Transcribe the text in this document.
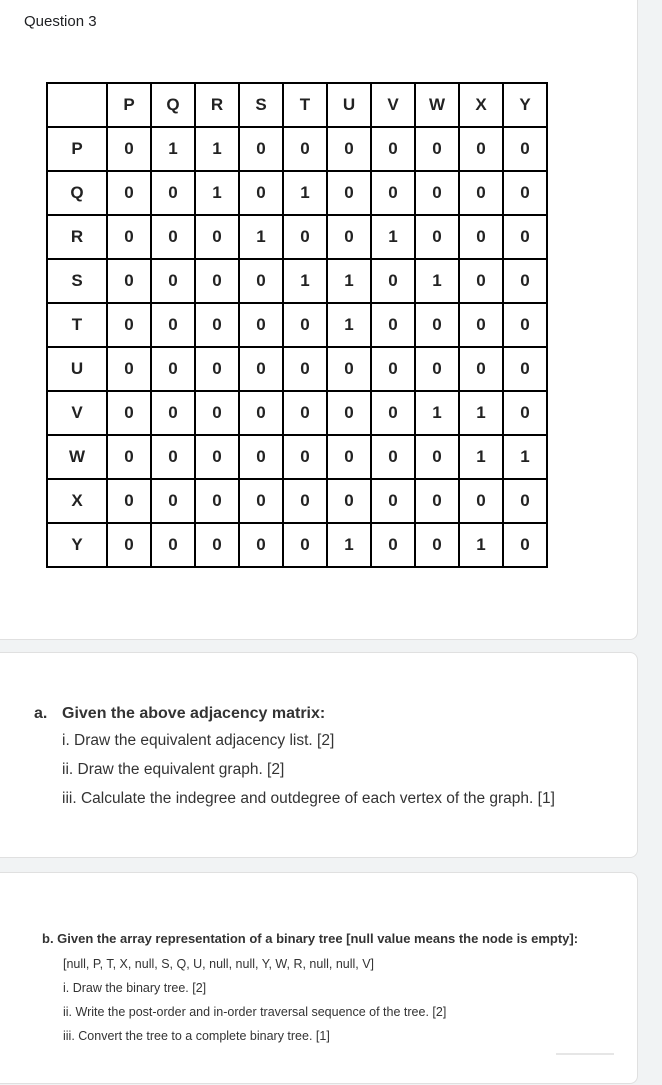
Question 3
	P	Q	R	S	T	U	V	W	X	Y
P	0	1	1	0	0	0	0	0	0	0
Q	0	0	1	0	1	0	0	0	0	0
R	0	0	0	1	0	0	1	0	0	0
S	0	0	0	0	1	1	0	1	0	0
T	0	0	0	0	0	1	0	0	0	0
U	0	0	0	0	0	0	0	0	0	0
V	0	0	0	0	0	0	0	1	1	0
W	0	0	0	0	0	0	0	0	1	1
X	0	0	0	0	0	0	0	0	0	0
Y	0	0	0	0	0	1	0	0	1	0
a. Given the above adjacency matrix:
i. Draw the equivalent adjacency list. [2]
ii. Draw the equivalent graph. [2]
iii. Calculate the indegree and outdegree of each vertex of the graph. [1]
b. Given the array representation of a binary tree [null value means the node is empty]:
[null, P, T, X, null, S, Q, U, null, null, Y, W, R, null, null, V]
i. Draw the binary tree. [2]
ii. Write the post-order and in-order traversal sequence of the tree. [2]
iii. Convert the tree to a complete binary tree. [1]
